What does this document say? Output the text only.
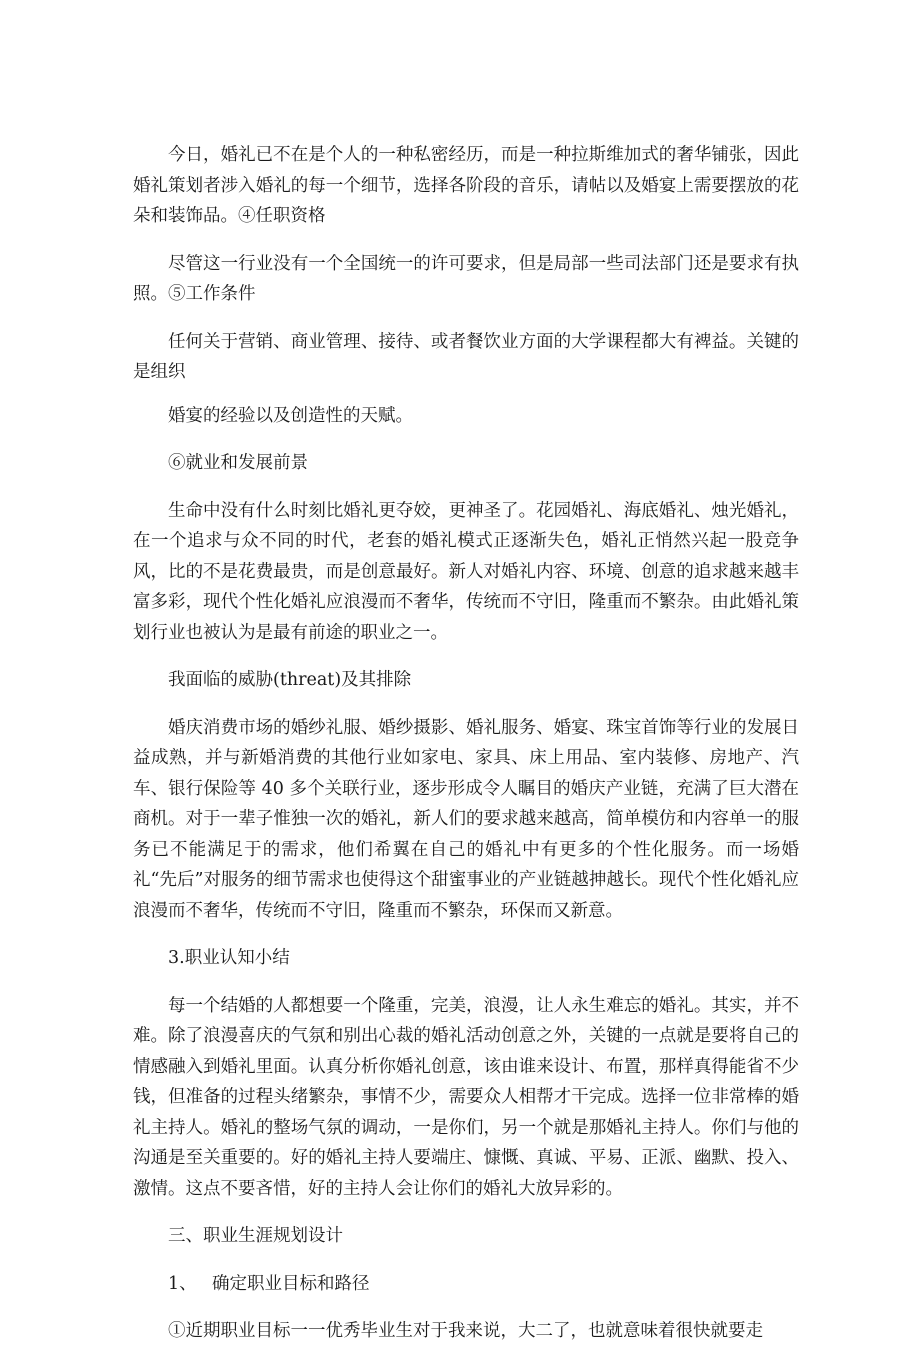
今日，婚礼已不在是个人的一种私密经历，而是一种拉斯维加式的奢华铺张，因此婚礼策划者涉入婚礼的每一个细节，选择各阶段的音乐，请帖以及婚宴上需要摆放的花朵和装饰品。④任职资格

尽管这一行业没有一个全国统一的许可要求，但是局部一些司法部门还是要求有执照。⑤工作条件

任何关于营销、商业管理、接待、或者餐饮业方面的大学课程都大有裨益。关键的是组织

婚宴的经验以及创造性的天赋。

⑥就业和发展前景

生命中没有什么时刻比婚礼更夺姣，更神圣了。花园婚礼、海底婚礼、烛光婚礼，在一个追求与众不同的时代，老套的婚礼模式正逐渐失色，婚礼正悄然兴起一股竞争风，比的不是花费最贵，而是创意最好。新人对婚礼内容、环境、创意的追求越来越丰富多彩，现代个性化婚礼应浪漫而不奢华，传统而不守旧，隆重而不繁杂。由此婚礼策划行业也被认为是最有前途的职业之一。

我面临的威胁(threat)及其排除

婚庆消费市场的婚纱礼服、婚纱摄影、婚礼服务、婚宴、珠宝首饰等行业的发展日益成熟，并与新婚消费的其他行业如家电、家具、床上用品、室内装修、房地产、汽车、银行保险等 40 多个关联行业，逐步形成令人瞩目的婚庆产业链，充满了巨大潜在商机。对于一辈子惟独一次的婚礼，新人们的要求越来越高，简单模仿和内容单一的服务已不能满足于的需求，他们希翼在自己的婚礼中有更多的个性化服务。而一场婚礼“先后”对服务的细节需求也使得这个甜蜜事业的产业链越抻越长。现代个性化婚礼应浪漫而不奢华，传统而不守旧，隆重而不繁杂，环保而又新意。

3.职业认知小结

每一个结婚的人都想要一个隆重，完美，浪漫，让人永生难忘的婚礼。其实，并不难。除了浪漫喜庆的气氛和别出心裁的婚礼活动创意之外，关键的一点就是要将自己的情感融入到婚礼里面。认真分析你婚礼创意，该由谁来设计、布置，那样真得能省不少钱，但准备的过程头绪繁杂，事情不少，需要众人相帮才干完成。选择一位非常棒的婚礼主持人。婚礼的整场气氛的调动，一是你们，另一个就是那婚礼主持人。你们与他的沟通是至关重要的。好的婚礼主持人要端庄、慷慨、真诚、平易、正派、幽默、投入、激情。这点不要吝惜，好的主持人会让你们的婚礼大放异彩的。

三、职业生涯规划设计

1、 确定职业目标和路径

①近期职业目标一一优秀毕业生对于我来说，大二了，也就意味着很快就要走
